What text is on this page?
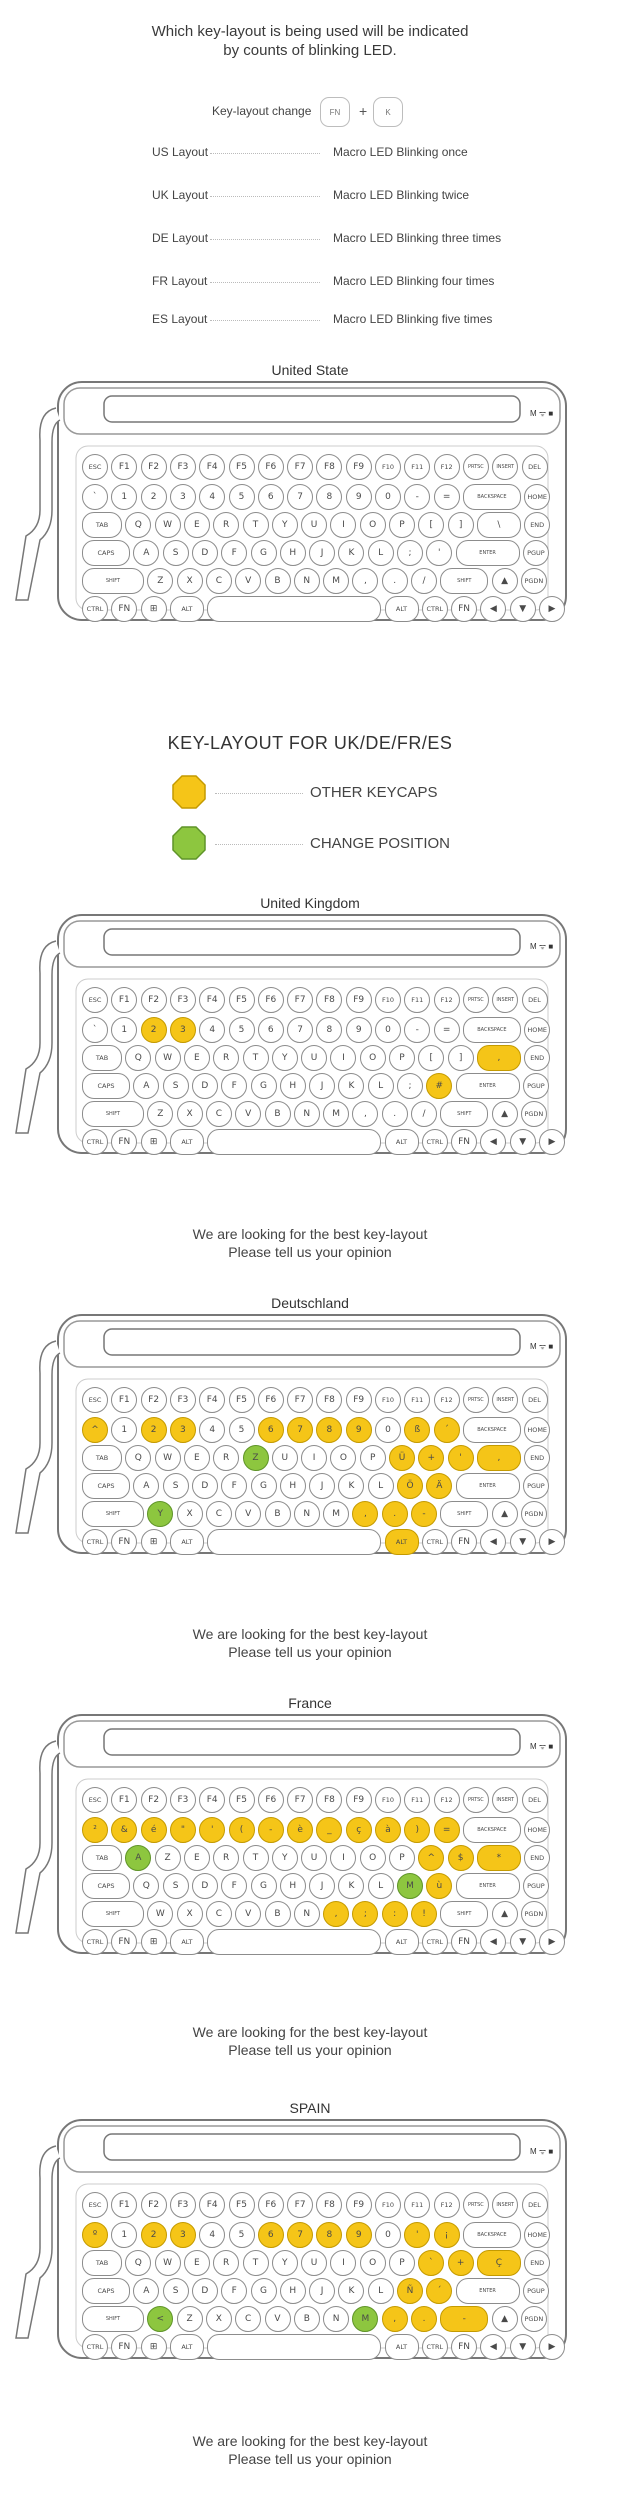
Which key-layout is being used will be indicated
by counts of blinking LED.
Key-layout change	FN	+	K
US Layout	Macro LED Blinking once
UK Layout	Macro LED Blinking twice
DE Layout	Macro LED Blinking three times
FR Layout	Macro LED Blinking four times
ES Layout	Macro LED Blinking five times
United State
M ᯤ ■
ESC	F1	F2	F3	F4	F5	F6	F7	F8	F9	F10	F11	F12	PRTSC	INSERT	DEL
`	1	2	3	4	5	6	7	8	9	0	-	=	BACKSPACE	HOME
TAB	Q	W	E	R	T	Y	U	I	O	P	[	]	\	END
CAPS	A	S	D	F	G	H	J	K	L	;	'	ENTER	PGUP
SHIFT	Z	X	C	V	B	N	M	,	.	/	SHIFT	▲	PGDN
CTRL	FN	⊞	ALT	ALT	CTRL	FN	◀	▼	▶
KEY-LAYOUT FOR UK/DE/FR/ES
OTHER KEYCAPS
CHANGE POSITION
United Kingdom
M ᯤ ■
ESC	F1	F2	F3	F4	F5	F6	F7	F8	F9	F10	F11	F12	PRTSC	INSERT	DEL
`	1	2	3	4	5	6	7	8	9	0	-	=	BACKSPACE	HOME
TAB	Q	W	E	R	T	Y	U	I	O	P	[	]	,	END
CAPS	A	S	D	F	G	H	J	K	L	;	#	ENTER	PGUP
SHIFT	Z	X	C	V	B	N	M	,	.	/	SHIFT	▲	PGDN
CTRL	FN	⊞	ALT	ALT	CTRL	FN	◀	▼	▶
We are looking for the best key-layout
Please tell us your opinion
Deutschland
M ᯤ ■
ESC	F1	F2	F3	F4	F5	F6	F7	F8	F9	F10	F11	F12	PRTSC	INSERT	DEL
^	1	2	3	4	5	6	7	8	9	0	ß	´	BACKSPACE	HOME
TAB	Q	W	E	R	Z	U	I	O	P	Ü	+	'	,	END
CAPS	A	S	D	F	G	H	J	K	L	Ö	Ä	ENTER	PGUP
SHIFT	Y	X	C	V	B	N	M	,	.	-	SHIFT	▲	PGDN
CTRL	FN	⊞	ALT	ALT	CTRL	FN	◀	▼	▶
We are looking for the best key-layout
Please tell us your opinion
France
M ᯤ ■
ESC	F1	F2	F3	F4	F5	F6	F7	F8	F9	F10	F11	F12	PRTSC	INSERT	DEL
²	&	é	"	'	(	-	è	_	ç	à	)	=	BACKSPACE	HOME
TAB	A	Z	E	R	T	Y	U	I	O	P	^	$	*	END
CAPS	Q	S	D	F	G	H	J	K	L	M	ù	ENTER	PGUP
SHIFT	W	X	C	V	B	N	,	;	:	!	SHIFT	▲	PGDN
CTRL	FN	⊞	ALT	ALT	CTRL	FN	◀	▼	▶
We are looking for the best key-layout
Please tell us your opinion
SPAIN
M ᯤ ■
ESC	F1	F2	F3	F4	F5	F6	F7	F8	F9	F10	F11	F12	PRTSC	INSERT	DEL
º	1	2	3	4	5	6	7	8	9	0	'	¡	BACKSPACE	HOME
TAB	Q	W	E	R	T	Y	U	I	O	P	`	+	Ç	END
CAPS	A	S	D	F	G	H	J	K	L	Ñ	´	ENTER	PGUP
SHIFT	<	Z	X	C	V	B	N	M	,	.	-	▲	PGDN
CTRL	FN	⊞	ALT	ALT	CTRL	FN	◀	▼	▶
We are looking for the best key-layout
Please tell us your opinion
